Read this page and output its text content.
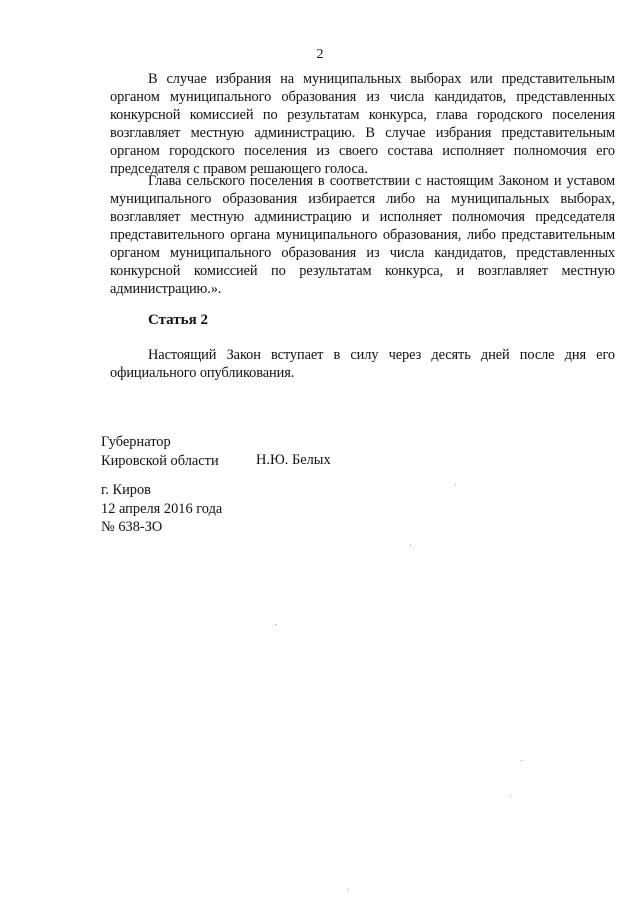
2

В случае избрания на муниципальных выборах или представительным органом муниципального образования из числа кандидатов, представленных конкурсной комиссией по результатам конкурса, глава городского поселения возглавляет местную администрацию. В случае избрания представительным органом городского поселения из своего состава исполняет полномочия его председателя с правом решающего голоса.

Глава сельского поселения в соответствии с настоящим Законом и уставом муниципального образования избирается либо на муниципальных выборах, возглавляет местную администрацию и исполняет полномочия председателя представительного органа муниципального образования, либо представительным органом муниципального образования из числа кандидатов, представленных конкурсной комиссией по результатам конкурса, и возглавляет местную администрацию.».

Статья 2

Настоящий Закон вступает в силу через десять дней после дня его официального опубликования.

Губернатор
Кировской области	Н.Ю. Белых
г. Киров
12 апреля 2016 года
№ 638-ЗО
